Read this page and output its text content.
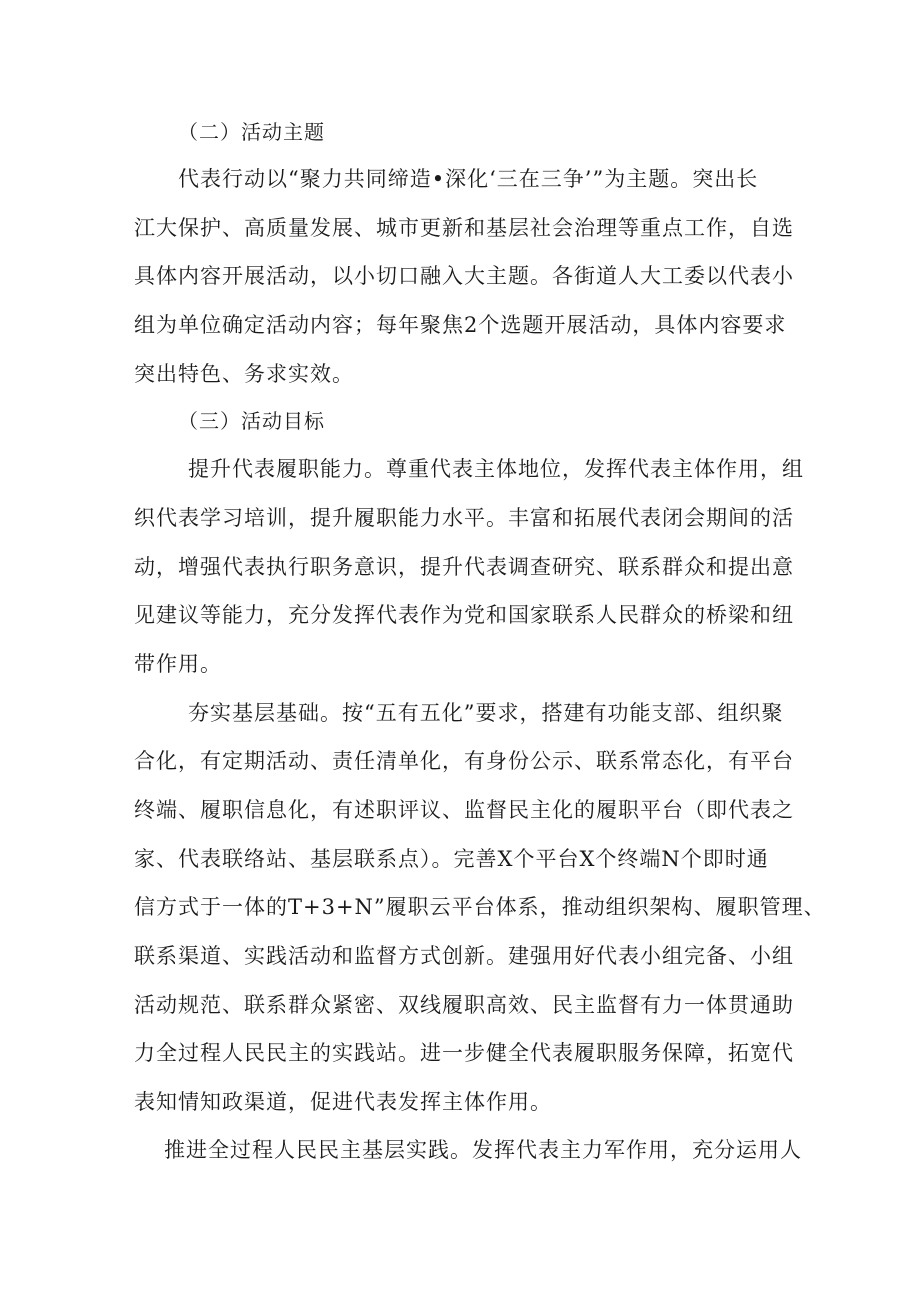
（二）活动主题
代表行动以“聚力共同缔造•深化‘三在三争’”为主题。突出长
江大保护、高质量发展、城市更新和基层社会治理等重点工作，自选
具体内容开展活动，以小切口融入大主题。各街道人大工委以代表小
组为单位确定活动内容；每年聚焦2个选题开展活动，具体内容要求
突出特色、务求实效。
（三）活动目标
提升代表履职能力。尊重代表主体地位，发挥代表主体作用，组
织代表学习培训，提升履职能力水平。丰富和拓展代表闭会期间的活
动，增强代表执行职务意识，提升代表调查研究、联系群众和提出意
见建议等能力，充分发挥代表作为党和国家联系人民群众的桥梁和纽
带作用。
夯实基层基础。按“五有五化”要求，搭建有功能支部、组织聚
合化，有定期活动、责任清单化，有身份公示、联系常态化，有平台
终端、履职信息化，有述职评议、监督民主化的履职平台（即代表之
家、代表联络站、基层联系点）。完善X个平台X个终端N个即时通
信方式于一体的T+3+N”履职云平台体系，推动组织架构、履职管理、
联系渠道、实践活动和监督方式创新。建强用好代表小组完备、小组
活动规范、联系群众紧密、双线履职高效、民主监督有力一体贯通助
力全过程人民民主的实践站。进一步健全代表履职服务保障，拓宽代
表知情知政渠道，促进代表发挥主体作用。
推进全过程人民民主基层实践。发挥代表主力军作用，充分运用人
